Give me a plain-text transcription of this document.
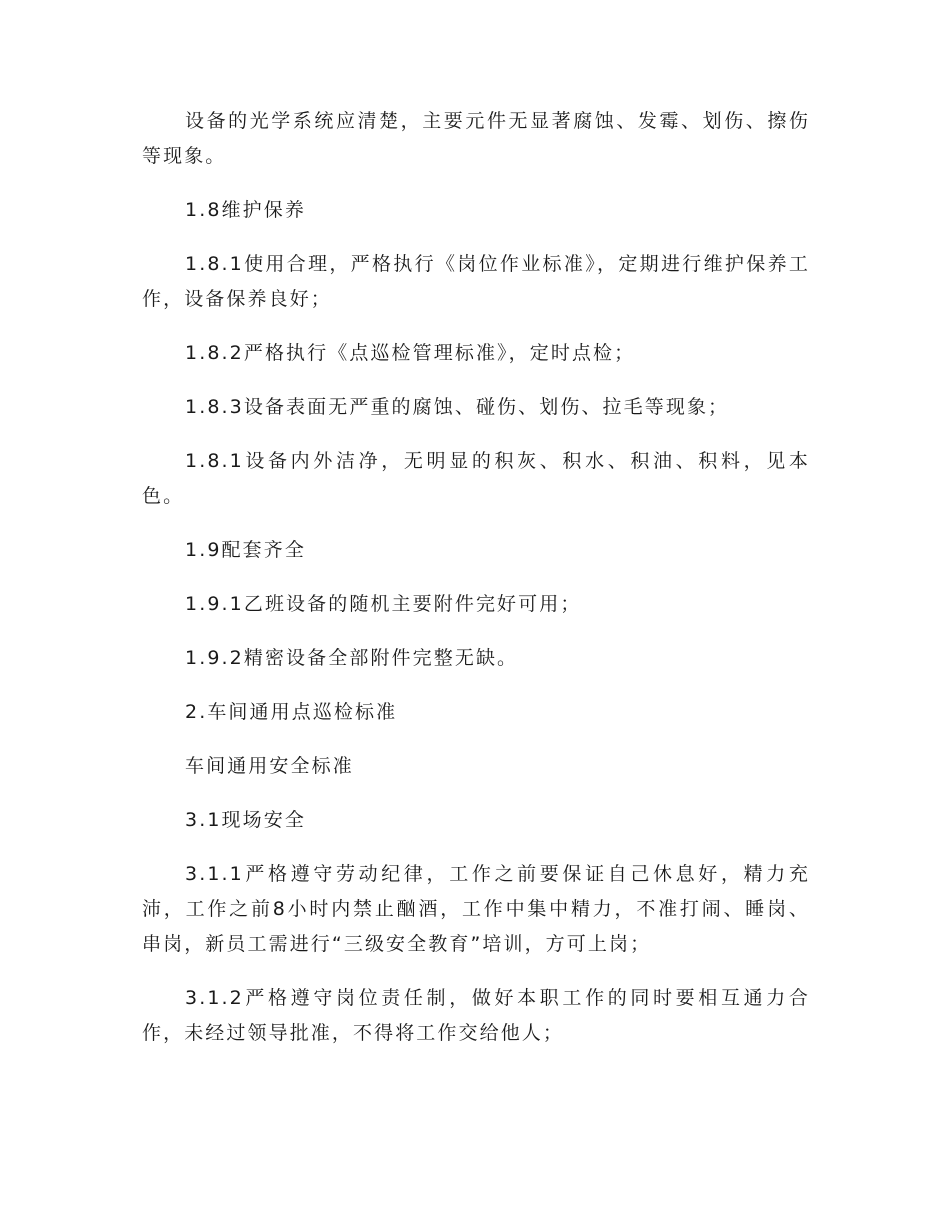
设备的光学系统应清楚，主要元件无显著腐蚀、发霉、划伤、擦伤等现象。

1.8维护保养

1.8.1使用合理，严格执行《岗位作业标准》，定期进行维护保养工作，设备保养良好；

1.8.2严格执行《点巡检管理标准》，定时点检；

1.8.3设备表面无严重的腐蚀、碰伤、划伤、拉毛等现象；

1.8.1设备内外洁净，无明显的积灰、积水、积油、积料，见本色。

1.9配套齐全

1.9.1乙班设备的随机主要附件完好可用；

1.9.2精密设备全部附件完整无缺。

2.车间通用点巡检标准

车间通用安全标准

3.1现场安全

3.1.1严格遵守劳动纪律，工作之前要保证自己休息好，精力充沛，工作之前8小时内禁止酗酒，工作中集中精力，不准打闹、睡岗、串岗，新员工需进行“三级安全教育”培训，方可上岗；

3.1.2严格遵守岗位责任制，做好本职工作的同时要相互通力合作，未经过领导批准，不得将工作交给他人；
